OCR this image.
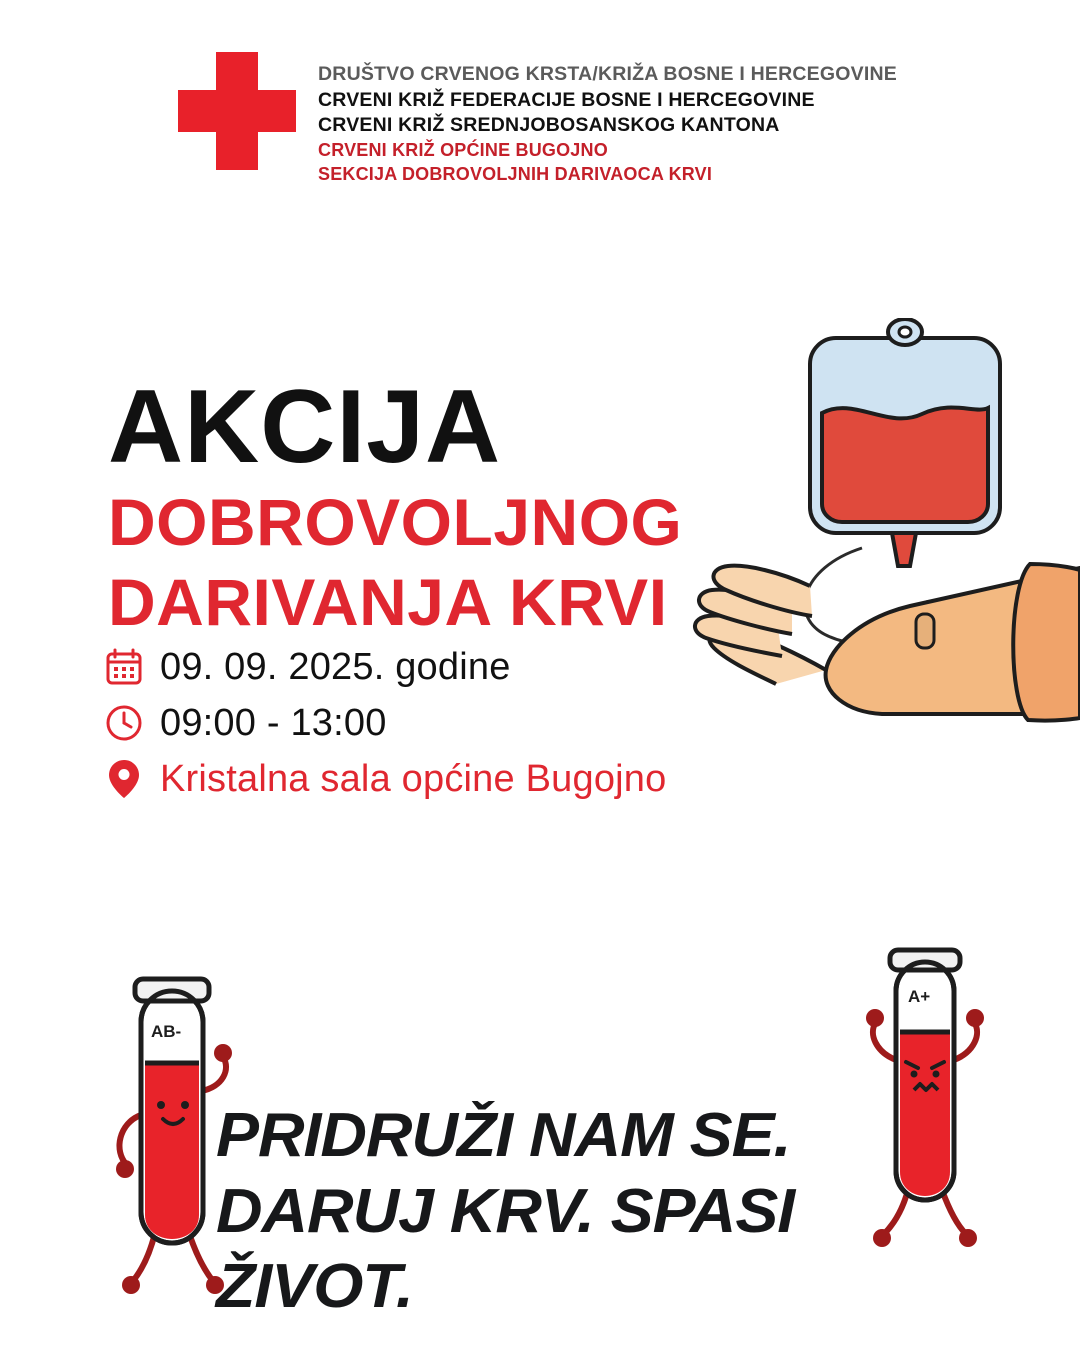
DRUŠTVO CRVENOG KRSTA/KRIŽA BOSNE I HERCEGOVINE
CRVENI KRIŽ FEDERACIJE BOSNE I HERCEGOVINE
CRVENI KRIŽ SREDNJOBOSANSKOG KANTONA
CRVENI KRIŽ OPĆINE BUGOJNO
SEKCIJA DOBROVOLJNIH DARIVAOCA KRVI
AKCIJA
DOBROVOLJNOG
DARIVANJA KRVI
09. 09. 2025. godine
09:00 - 13:00
Kristalna sala općine Bugojno
AB-
A+
PRIDRUŽI NAM SE.
DARUJ KRV. SPASI ŽIVOT.
